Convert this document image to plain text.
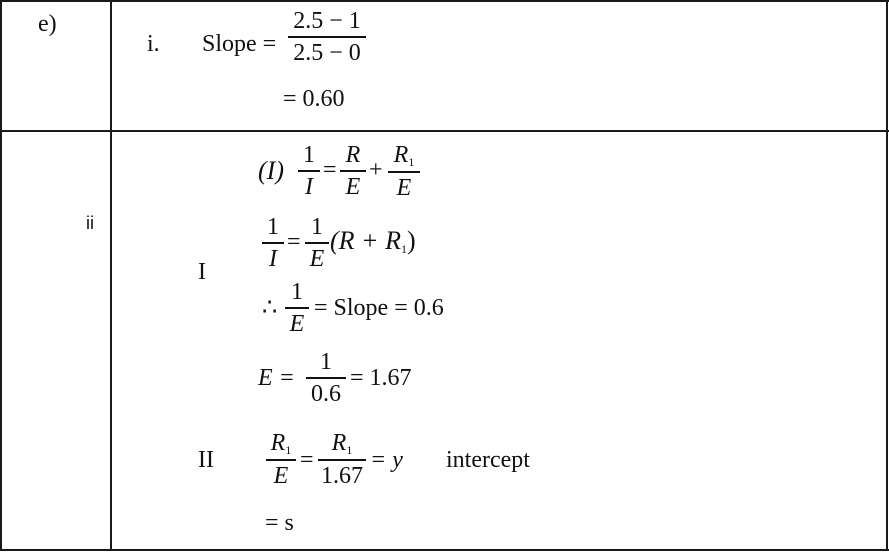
e)
i. Slope =
2.5 − 1
2.5 − 0
= 0.60
ii
I
II
(I)
1
I
=
R
E
+
$R_1$
E
1
I
=
1
E
$(R + R_1)$
∴
1
E
= Slope = 0.6
E =
1
0.6
= 1.67
$R_1$
E
=
$R_1$
1.67
= y intercept
= s
